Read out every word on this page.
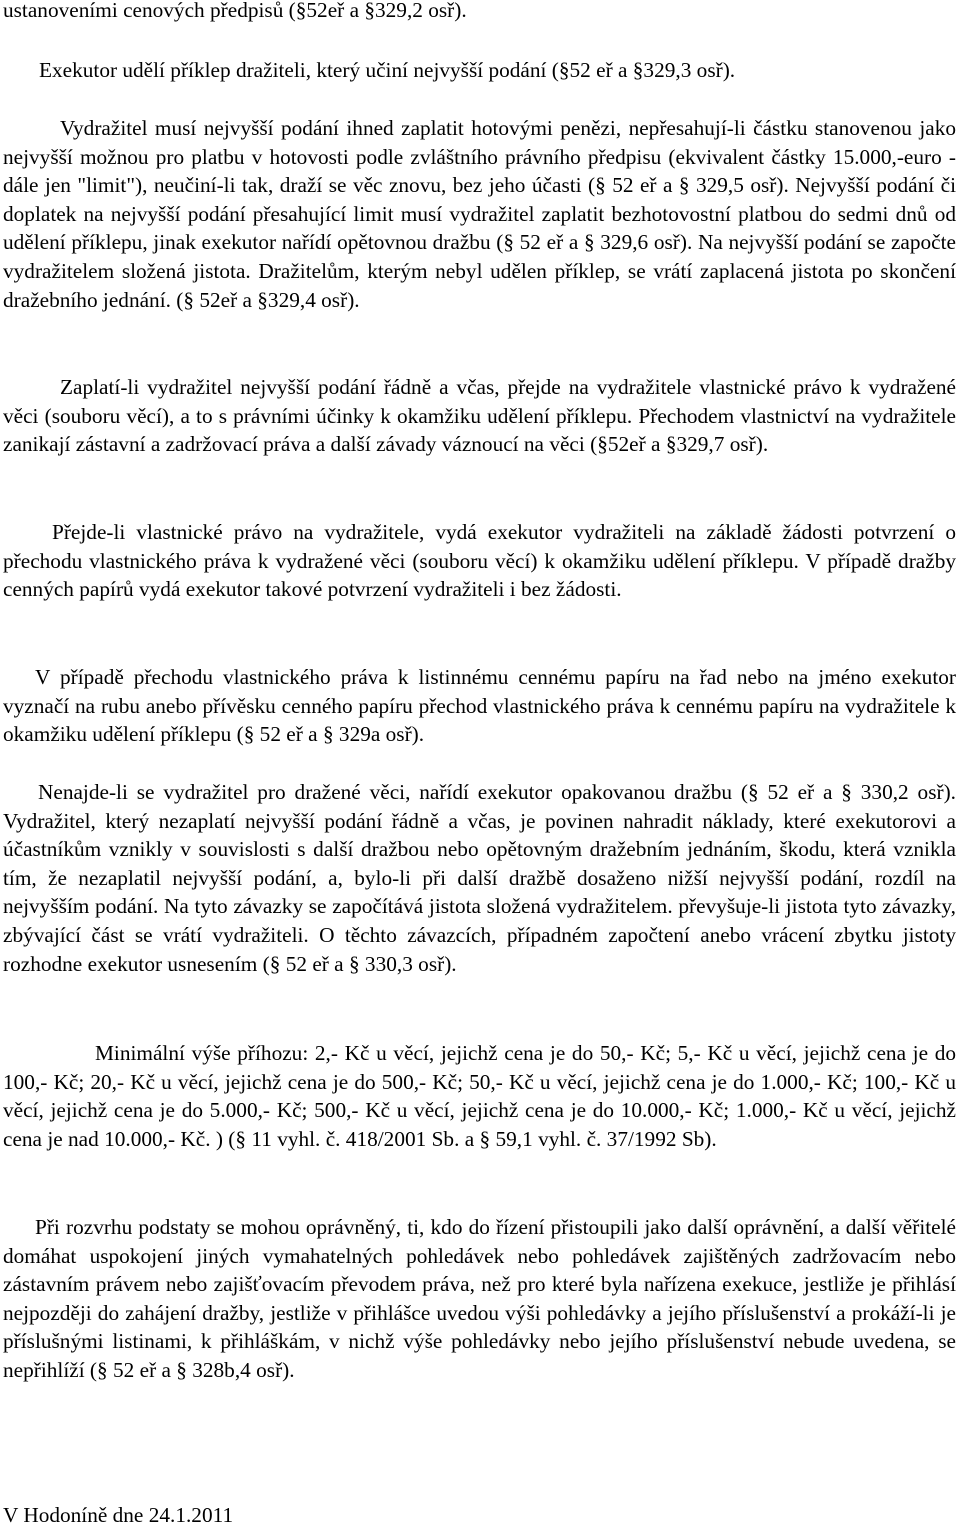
ustanoveními cenových předpisů (§52eř a §329,2 osř).

Exekutor udělí příklep dražiteli, který učiní nejvyšší podání (§52 eř a §329,3 osř).

Vydražitel musí nejvyšší podání ihned zaplatit hotovými penězi, nepřesahují-li částku stanovenou jako nejvyšší možnou pro platbu v hotovosti podle zvláštního právního předpisu (ekvivalent částky 15.000,-euro - dále jen "limit"), neučiní-li tak, draží se věc znovu, bez jeho účasti (§ 52 eř a § 329,5 osř). Nejvyšší podání či doplatek na nejvyšší podání přesahující limit musí vydražitel zaplatit bezhotovostní platbou do sedmi dnů od udělení příklepu, jinak exekutor nařídí opětovnou dražbu (§ 52 eř a § 329,6 osř). Na nejvyšší podání se započte vydražitelem složená jistota. Dražitelům, kterým nebyl udělen příklep, se vrátí zaplacená jistota po skončení dražebního jednání. (§ 52eř a §329,4 osř).

Zaplatí-li vydražitel nejvyšší podání řádně a včas, přejde na vydražitele vlastnické právo k vydražené věci (souboru věcí), a to s právními účinky k okamžiku udělení příklepu. Přechodem vlastnictví na vydražitele zanikají zástavní a zadržovací práva a další závady váznoucí na věci (§52eř a §329,7 osř).

Přejde-li vlastnické právo na vydražitele, vydá exekutor vydražiteli na základě žádosti potvrzení o přechodu vlastnického práva k vydražené věci (souboru věcí) k okamžiku udělení příklepu. V případě dražby cenných papírů vydá exekutor takové potvrzení vydražiteli i bez žádosti.

V případě přechodu vlastnického práva k listinnému cennému papíru na řad nebo na jméno exekutor vyznačí na rubu anebo přívěsku cenného papíru přechod vlastnického práva k cennému papíru na vydražitele k okamžiku udělení příklepu (§ 52 eř a § 329a osř).

Nenajde-li se vydražitel pro dražené věci, nařídí exekutor opakovanou dražbu (§ 52 eř a § 330,2 osř). Vydražitel, který nezaplatí nejvyšší podání řádně a včas, je povinen nahradit náklady, které exekutorovi a účastníkům vznikly v souvislosti s další dražbou nebo opětovným dražebním jednáním, škodu, která vznikla tím, že nezaplatil nejvyšší podání, a, bylo-li při další dražbě dosaženo nižší nejvyšší podání, rozdíl na nejvyšším podání. Na tyto závazky se započítává jistota složená vydražitelem. převyšuje-li jistota tyto závazky, zbývající část se vrátí vydražiteli. O těchto závazcích, případném započtení anebo vrácení zbytku jistoty rozhodne exekutor usnesením (§ 52 eř a § 330,3 osř).

Minimální výše příhozu: 2,- Kč u věcí, jejichž cena je do 50,- Kč; 5,- Kč u věcí, jejichž cena je do 100,- Kč; 20,- Kč u věcí, jejichž cena je do 500,- Kč; 50,- Kč u věcí, jejichž cena je do 1.000,- Kč; 100,- Kč u věcí, jejichž cena je do 5.000,- Kč; 500,- Kč u věcí, jejichž cena je do 10.000,- Kč; 1.000,- Kč u věcí, jejichž cena je nad 10.000,- Kč. ) (§ 11 vyhl. č. 418/2001 Sb. a § 59,1 vyhl. č. 37/1992 Sb).

Při rozvrhu podstaty se mohou oprávněný, ti, kdo do řízení přistoupili jako další oprávnění, a další věřitelé domáhat uspokojení jiných vymahatelných pohledávek nebo pohledávek zajištěných zadržovacím nebo zástavním právem nebo zajišťovacím převodem práva, než pro které byla nařízena exekuce, jestliže je přihlásí nejpozději do zahájení dražby, jestliže v přihlášce uvedou výši pohledávky a jejího příslušenství a prokáží-li je příslušnými listinami, k přihláškám, v nichž výše pohledávky nebo jejího příslušenství nebude uvedena, se nepřihlíží (§ 52 eř a § 328b,4 osř).

V Hodoníně dne 24.1.2011
